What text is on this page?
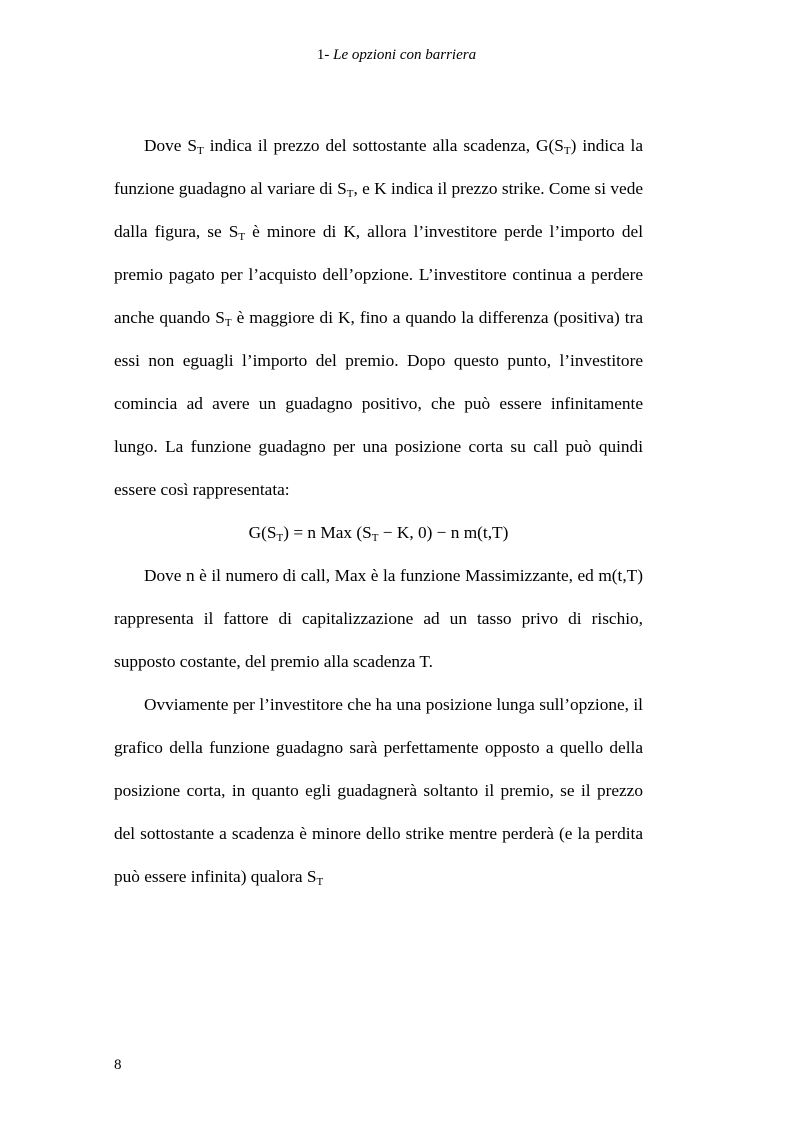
1- Le opzioni con barriera

Dove $S_T$ indica il prezzo del sottostante alla scadenza, $G(S_T)$ indica la funzione guadagno al variare di $S_T$, e K indica il prezzo strike. Come si vede dalla figura, se $S_T$ è minore di K, allora l’investitore perde l’importo del premio pagato per l’acquisto dell’opzione. L’investitore continua a perdere anche quando $S_T$ è maggiore di K, fino a quando la differenza (positiva) tra essi non eguagli l’importo del premio. Dopo questo punto, l’investitore comincia ad avere un guadagno positivo, che può essere infinitamente lungo. La funzione guadagno per una posizione corta su call può quindi essere così rappresentata:

$G(S_T) = n$ Max ($S_T - K$, 0) − n m(t,T)

Dove n è il numero di call, Max è la funzione Massimizzante, ed m(t,T) rappresenta il fattore di capitalizzazione ad un tasso privo di rischio, supposto costante, del premio alla scadenza T.

Ovviamente per l’investitore che ha una posizione lunga sull’opzione, il grafico della funzione guadagno sarà perfettamente opposto a quello della posizione corta, in quanto egli guadagnerà soltanto il premio, se il prezzo del sottostante a scadenza è minore dello strike mentre perderà (e la perdita può essere infinita) qualora $S_T$

8
